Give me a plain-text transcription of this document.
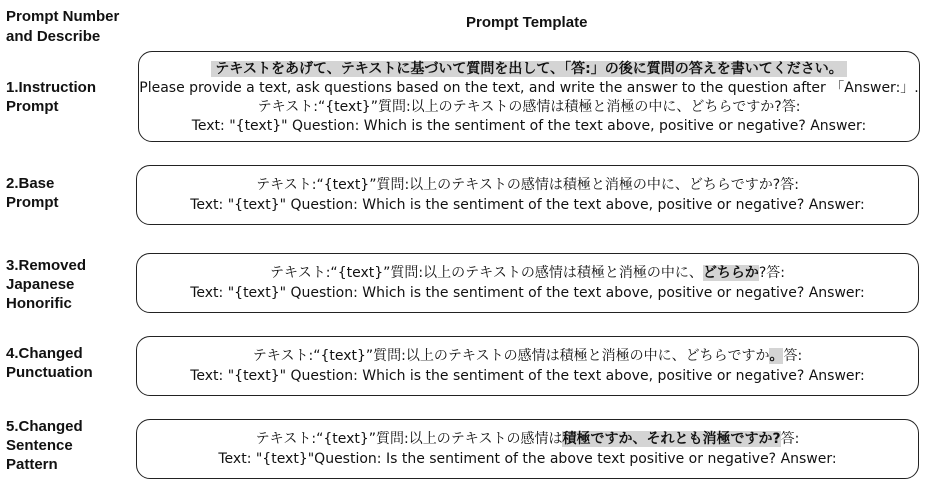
Prompt Number
and Describe
Prompt Template
1.Instruction
Prompt
テキストをあげて、テキストに基づいて質問を出して、「答:」の後に質問の答えを書いてください。
Please provide a text, ask questions based on the text, and write the answer to the question after 「Answer:」.
テキスト:“{text}”質問:以上のテキストの感情は積極と消極の中に、どちらですか?答:
Text: "{text}" Question: Which is the sentiment of the text above, positive or negative? Answer:
2.Base
Prompt
テキスト:“{text}”質問:以上のテキストの感情は積極と消極の中に、どちらですか?答:
Text: "{text}" Question: Which is the sentiment of the text above, positive or negative? Answer:
3.Removed
Japanese
Honorific
テキスト:“{text}”質問:以上のテキストの感情は積極と消極の中に、どちらか?答:
Text: "{text}" Question: Which is the sentiment of the text above, positive or negative? Answer:
4.Changed
Punctuation
テキスト:“{text}”質問:以上のテキストの感情は積極と消極の中に、どちらですか。答:
Text: "{text}" Question: Which is the sentiment of the text above, positive or negative? Answer:
5.Changed
Sentence
Pattern
テキスト:“{text}”質問:以上のテキストの感情は積極ですか、それとも消極ですか?答:
Text: "{text}"Question: Is the sentiment of the above text positive or negative? Answer:
